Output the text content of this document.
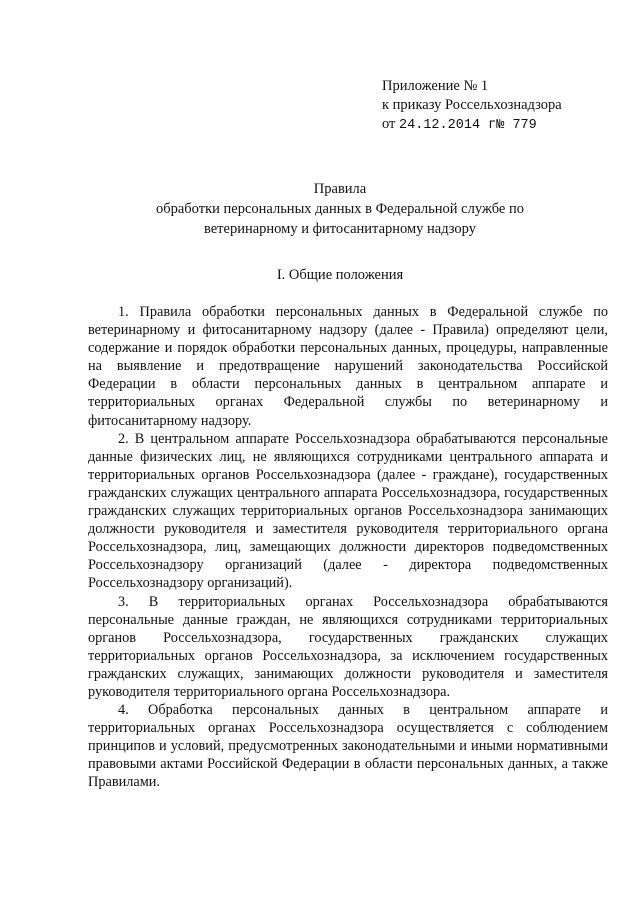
Приложение № 1
к приказу Россельхознадзора
от 24.12.2014 г№ 779
Правила
обработки персональных данных в Федеральной службе по
ветеринарному и фитосанитарному надзору
I. Общие положения

1. Правила обработки персональных данных в Федеральной службе по ветеринарному и фитосанитарному надзору (далее - Правила) определяют цели, содержание и порядок обработки персональных данных, процедуры, направленные на выявление и предотвращение нарушений законодательства Российской Федерации в области персональных данных в центральном аппарате и территориальных органах Федеральной службы по ветеринарному и фитосанитарному надзору.

2. В центральном аппарате Россельхознадзора обрабатываются персональные данные физических лиц, не являющихся сотрудниками центрального аппарата и территориальных органов Россельхознадзора (далее - граждане), государственных гражданских служащих центрального аппарата Россельхознадзора, государственных гражданских служащих территориальных органов Россельхознадзора занимающих должности руководителя и заместителя руководителя территориального органа Россельхознадзора, лиц, замещающих должности директоров подведомственных Россельхознадзору организаций (далее - директора подведомственных Россельхознадзору организаций).

3. В территориальных органах Россельхознадзора обрабатываются персональные данные граждан, не являющихся сотрудниками территориальных органов Россельхознадзора, государственных гражданских служащих территориальных органов Россельхознадзора, за исключением государственных гражданских служащих, занимающих должности руководителя и заместителя руководителя территориального органа Россельхознадзора.

4. Обработка персональных данных в центральном аппарате и территориальных органах Россельхознадзора осуществляется с соблюдением принципов и условий, предусмотренных законодательными и иными нормативными правовыми актами Российской Федерации в области персональных данных, а также Правилами.
